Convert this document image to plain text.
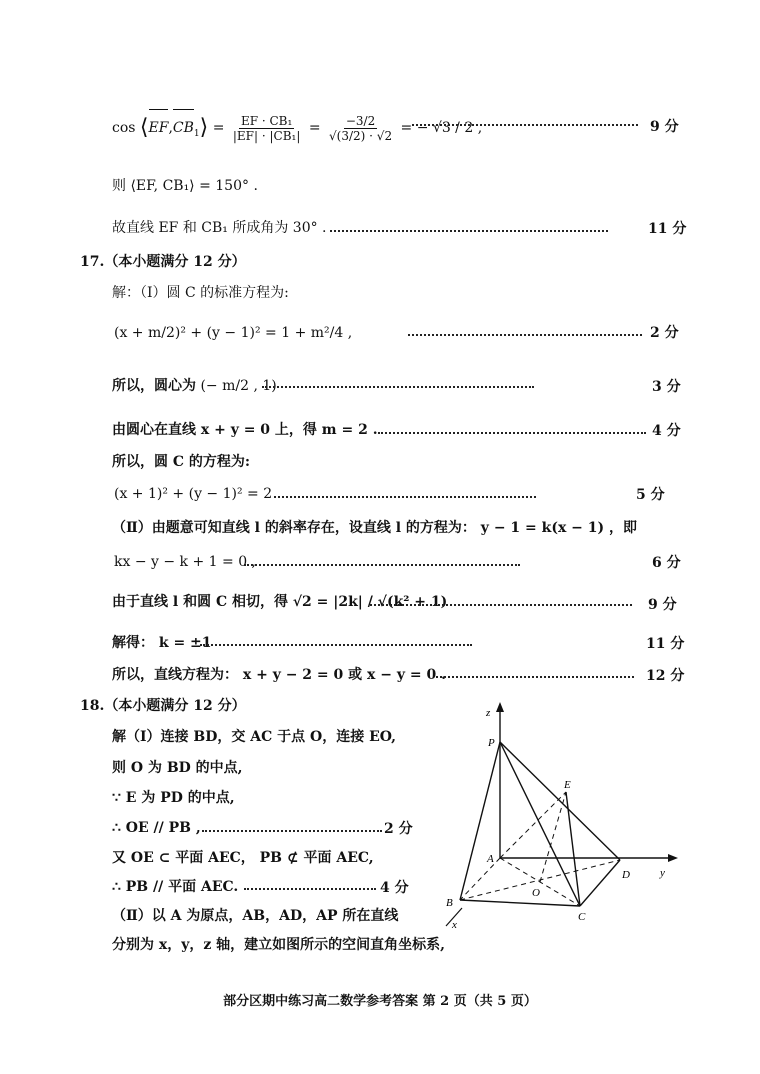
$\cos ⟨EF,CB_1⟩ = \frac{\text{EF · CB₁}}{\text{|EF| · |CB₁|}} = \frac{-3/2}{√(3/2) \cdot √2}$ = − √3 / 2 ,	9 分
则 ⟨EF, CB₁⟩ = 150° .
故直线 EF 和 CB₁ 所成角为 30° .	11 分
17.（本小题满分 12 分）
解：（Ⅰ）圆 C 的标准方程为:
(x + m/2)² + (y − 1)² = 1 + m²/4 ,	2 分
所以，圆心为 (− m/2 , 1)	3 分
由圆心在直线 x + y = 0 上，得 m = 2 .	4 分
所以，圆 C 的方程为:
(x + 1)² + (y − 1)² = 2 .	5 分
（Ⅱ）由题意可知直线 l 的斜率存在，设直线 l 的方程为： y − 1 = k(x − 1) ，即
kx − y − k + 1 = 0 ,	6 分
由于直线 l 和圆 C 相切，得 √2 = |2k| / √(k² + 1)	9 分
解得： k = ±1	11 分
所以，直线方程为： x + y − 2 = 0 或 x − y = 0 .	12 分
18.（本小题满分 12 分）
解（Ⅰ）连接 BD，交 AC 于点 O，连接 EO,
则 O 为 BD 的中点,
∵ E 为 PD 的中点,
∴ OE // PB ,	2 分
又 OE ⊂ 平面 AEC， PB ⊄ 平面 AEC,
∴ PB // 平面 AEC.	4 分
（Ⅱ）以 A 为原点，AB，AD，AP 所在直线
分别为 x，y，z 轴，建立如图所示的空间直角坐标系,
z
P
E
A
O
D	y
B
C
x
部分区期中练习高二数学参考答案 第 2 页（共 5 页）
